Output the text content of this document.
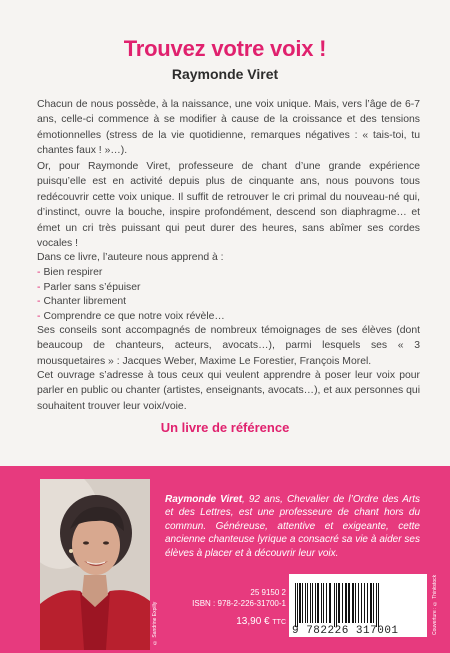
Trouvez votre voix !
Raymonde Viret
Chacun de nous possède, à la naissance, une voix unique. Mais, vers l’âge de 6-7 ans, celle-ci commence à se modifier à cause de la croissance et des tensions émotionnelles (stress de la vie quotidienne, remarques négatives : « tais-toi, tu chantes faux ! »…).
Or, pour Raymonde Viret, professeure de chant d’une grande expérience puisqu’elle est en activité depuis plus de cinquante ans, nous pouvons tous redécouvrir cette voix unique. Il suffit de retrouver le cri primal du nouveau-né qui, d’instinct, ouvre la bouche, inspire profondément, descend son diaphragme… et émet un cri très puissant qui peut durer des heures, sans abîmer ses cordes vocales !
Dans ce livre, l’auteure nous apprend à :
- Bien respirer
- Parler sans s’épuiser
- Chanter librement
- Comprendre ce que notre voix révèle…
Ses conseils sont accompagnés de nombreux témoignages de ses élèves (dont beaucoup de chanteurs, acteurs, avocats…), parmi lesquels ses « 3 mousquetaires » : Jacques Weber, Maxime Le Forestier, François Morel.
Cet ouvrage s’adresse à tous ceux qui veulent apprendre à poser leur voix pour parler en public ou chanter (artistes, enseignants, avocats…), et aux personnes qui souhaitent trouver leur voix/voie.
Un livre de référence
© Sandrine Expilly
Raymonde Viret, 92 ans, Chevalier de l’Ordre des Arts et des Lettres, est une professeure de chant hors du commun. Généreuse, attentive et exigeante, cette ancienne chanteuse lyrique a consacré sa vie à aider ses élèves à placer et à découvrir leur voix.
25 9150 2
ISBN : 978-2-226-31700-1
13,90 € TTC
9 782226 317001	Couverture : © Thinkstock
